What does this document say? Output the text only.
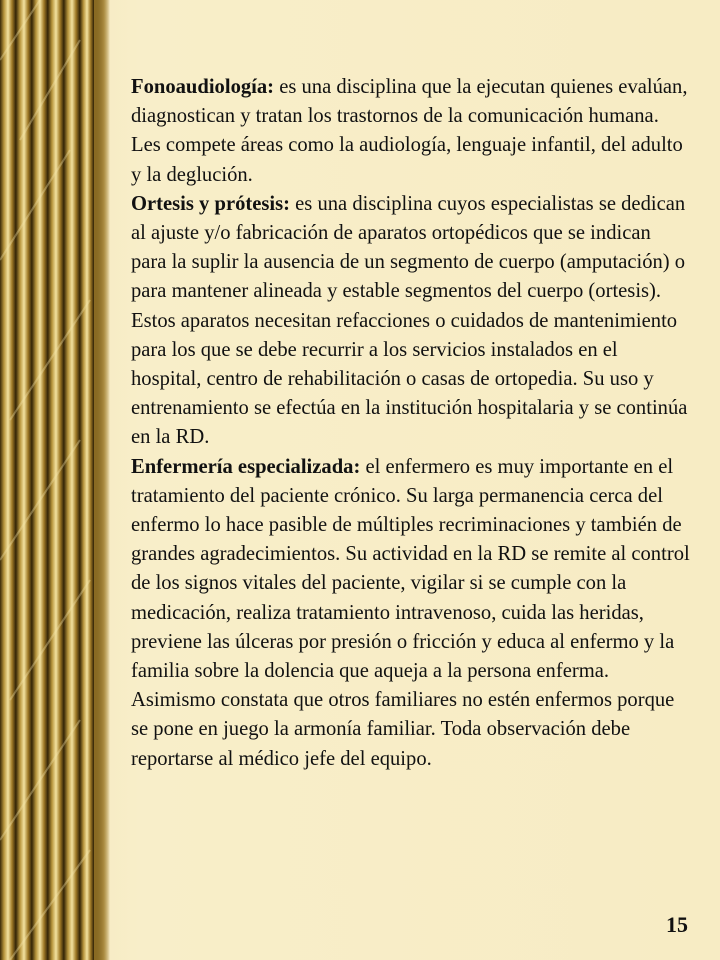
Fonoaudiología: es una disciplina que la ejecutan quienes evalúan, diagnostican y tratan los trastornos de la comunicación humana. Les compete áreas como la audiología, lenguaje infantil, del adulto y la deglución.

Ortesis y prótesis: es una disciplina cuyos especialistas se dedican al ajuste y/o fabricación de aparatos ortopédicos que se indican para la suplir la ausencia de un segmento de cuerpo (amputación) o para mantener alineada y estable segmentos del cuerpo (ortesis). Estos aparatos necesitan refacciones o cuidados de mantenimiento para los que se debe recurrir a los servicios instalados en el hospital, centro de rehabilitación o casas de ortopedia. Su uso y entrenamiento se efectúa en la institución hospitalaria y se continúa en la RD.

Enfermería especializada: el enfermero es muy importante en el tratamiento del paciente crónico. Su larga permanencia cerca del enfermo lo hace pasible de múltiples recriminaciones y también de grandes agradecimientos. Su actividad en la RD se remite al control de los signos vitales del paciente, vigilar si se cumple con la medicación, realiza tratamiento intravenoso, cuida las heridas, previene las úlceras por presión o fricción y educa al enfermo y la familia sobre la dolencia que aqueja a la persona enferma. Asimismo constata que otros familiares no estén enfermos porque se pone en juego la armonía familiar. Toda observación debe reportarse al médico jefe del equipo.

15
